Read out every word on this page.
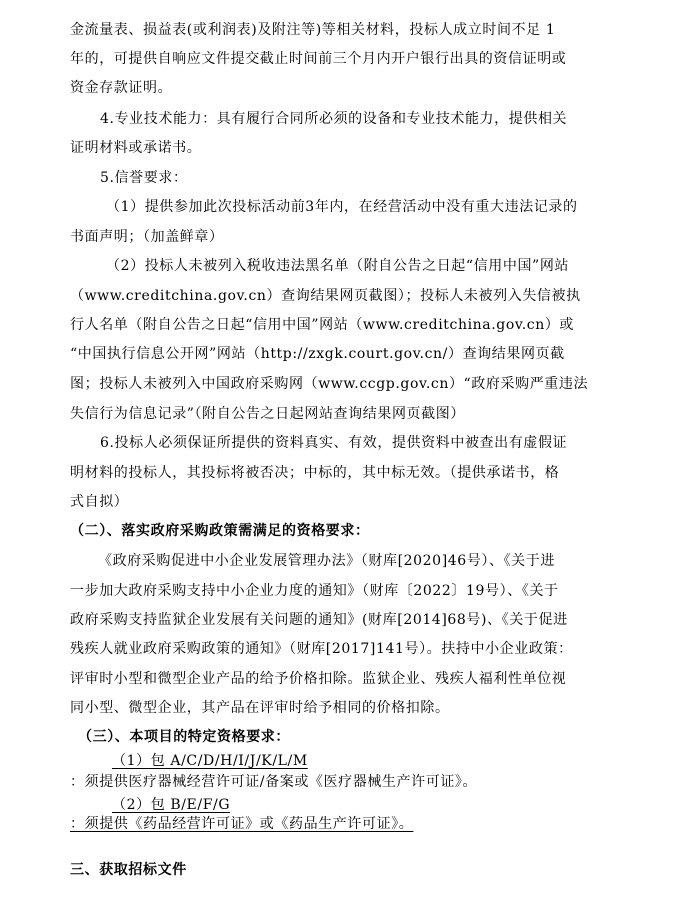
金流量表、损益表(或利润表)及附注等)等相关材料，投标人成立时间不足 1
年的，可提供自响应文件提交截止时间前三个月内开户银行出具的资信证明或
资金存款证明。
4.专业技术能力：具有履行合同所必须的设备和专业技术能力，提供相关
证明材料或承诺书。
5.信誉要求：
（1）提供参加此次投标活动前3年内，在经营活动中没有重大违法记录的
书面声明；（加盖鲜章）
（2）投标人未被列入税收违法黑名单（附自公告之日起“信用中国”网站
（www.creditchina.gov.cn）查询结果网页截图）；投标人未被列入失信被执
行人名单（附自公告之日起“信用中国”网站（www.creditchina.gov.cn）或
“中国执行信息公开网”网站（http://zxgk.court.gov.cn/）查询结果网页截
图；投标人未被列入中国政府采购网（www.ccgp.gov.cn）“政府采购严重违法
失信行为信息记录”（附自公告之日起网站查询结果网页截图）
6.投标人必须保证所提供的资料真实、有效，提供资料中被查出有虚假证
明材料的投标人，其投标将被否决；中标的，其中标无效。（提供承诺书，格
式自拟）
（二）、落实政府采购政策需满足的资格要求：
《政府采购促进中小企业发展管理办法》（财库[2020]46号）、《关于进
一步加大政府采购支持中小企业力度的通知》（财库〔2022〕19号）、《关于
政府采购支持监狱企业发展有关问题的通知》(财库[2014]68号)、《关于促进
残疾人就业政府采购政策的通知》（财库[2017]141号）。扶持中小企业政策：
评审时小型和微型企业产品的给予价格扣除。监狱企业、残疾人福利性单位视
同小型、微型企业，其产品在评审时给予相同的价格扣除。
（三）、本项目的特定资格要求：
（1）包 A/C/D/H/I/J/K/L/M
：须提供医疗器械经营许可证/备案或《医疗器械生产许可证》。
（2）包 B/E/F/G
：须提供《药品经营许可证》或《药品生产许可证》。
三、获取招标文件
